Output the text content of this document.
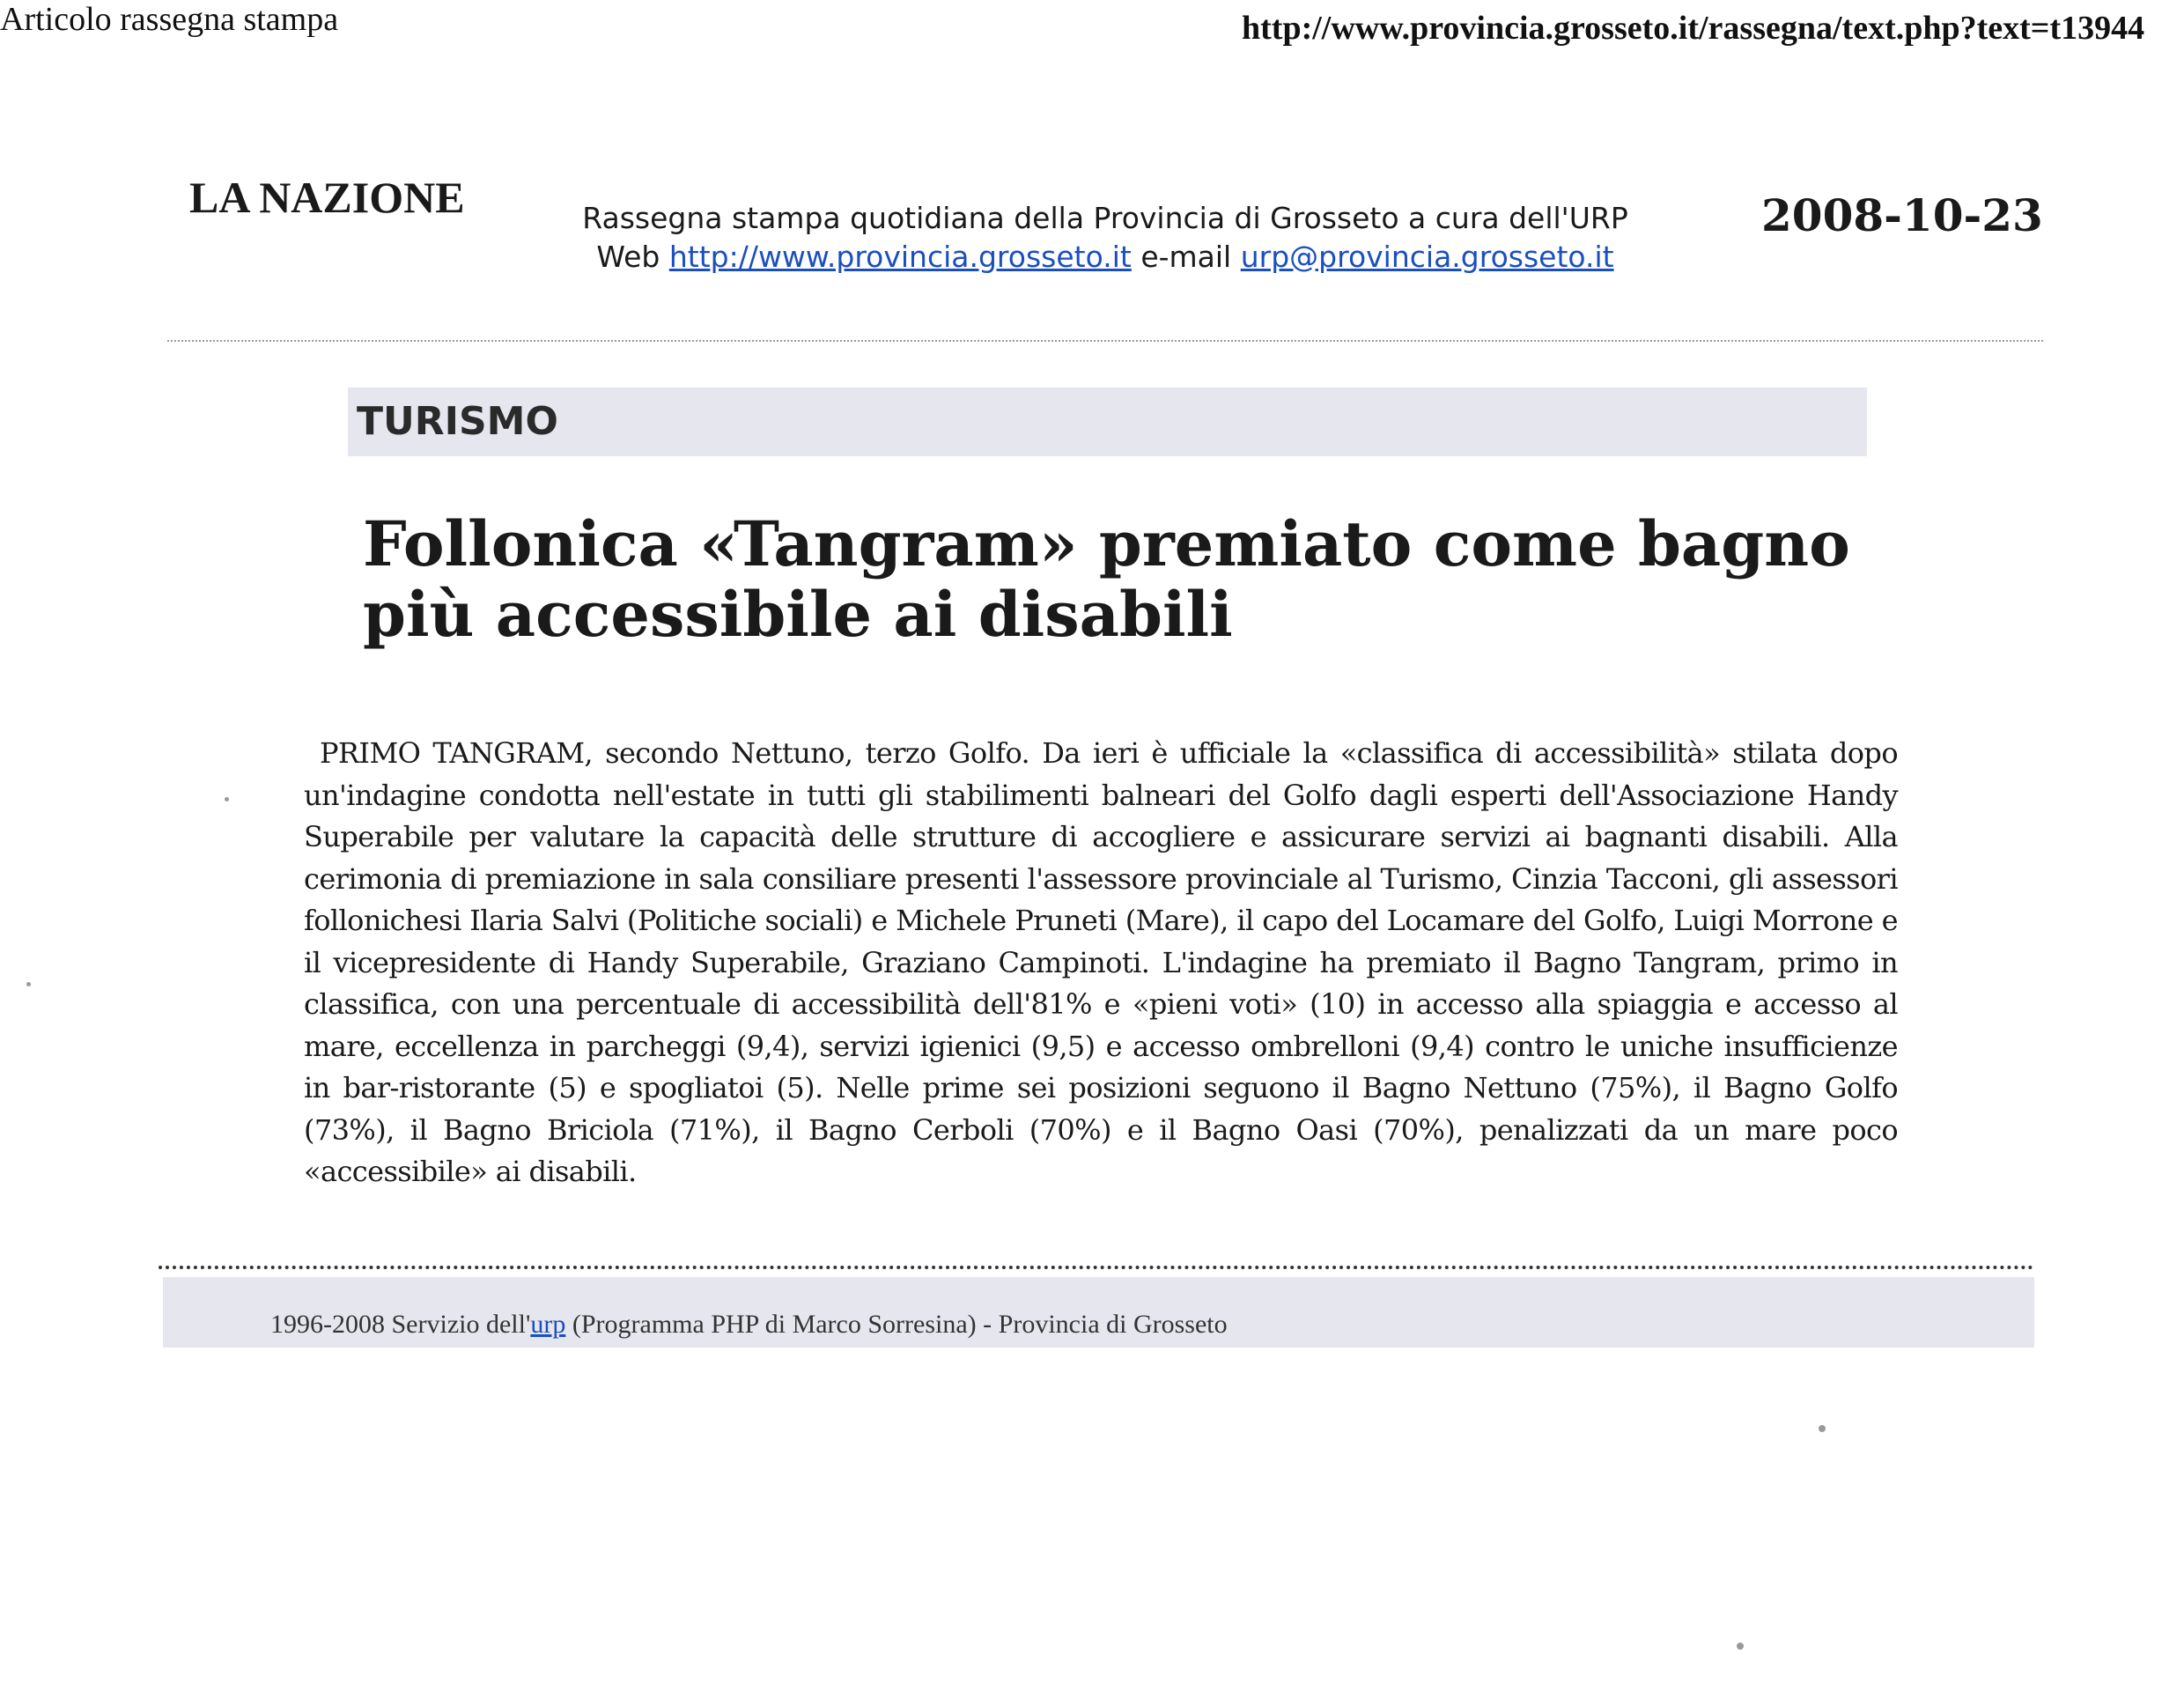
Articolo rassegna stampa	http://www.provincia.grosseto.it/rassegna/text.php?text=t13944
LA NAZIONE	Rassegna stampa quotidiana della Provincia di Grosseto a cura dell'URP
Web http://www.provincia.grosseto.it e-mail urp@provincia.grosseto.it
2008-10-23
TURISMO
Follonica «Tangram» premiato come bagno più accessibile ai disabili

PRIMO TANGRAM, secondo Nettuno, terzo Golfo. Da ieri è ufficiale la «classifica di accessibilità» stilata dopo un'indagine condotta nell'estate in tutti gli stabilimenti balneari del Golfo dagli esperti dell'Associazione Handy Superabile per valutare la capacità delle strutture di accogliere e assicurare servizi ai bagnanti disabili. Alla cerimonia di premiazione in sala consiliare presenti l'assessore provinciale al Turismo, Cinzia Tacconi, gli assessori follonichesi Ilaria Salvi (Politiche sociali) e Michele Pruneti (Mare), il capo del Locamare del Golfo, Luigi Morrone e il vicepresidente di Handy Superabile, Graziano Campinoti. L'indagine ha premiato il Bagno Tangram, primo in classifica, con una percentuale di accessibilità dell'81% e «pieni voti» (10) in accesso alla spiaggia e accesso al mare, eccellenza in parcheggi (9,4), servizi igienici (9,5) e accesso ombrelloni (9,4) contro le uniche insufficienze in bar-ristorante (5) e spogliatoi (5). Nelle prime sei posizioni seguono il Bagno Nettuno (75%), il Bagno Golfo (73%), il Bagno Briciola (71%), il Bagno Cerboli (70%) e il Bagno Oasi (70%), penalizzati da un mare poco «accessibile» ai disabili.

1996-2008 Servizio dell'urp (Programma PHP di Marco Sorresina) - Provincia di Grosseto
